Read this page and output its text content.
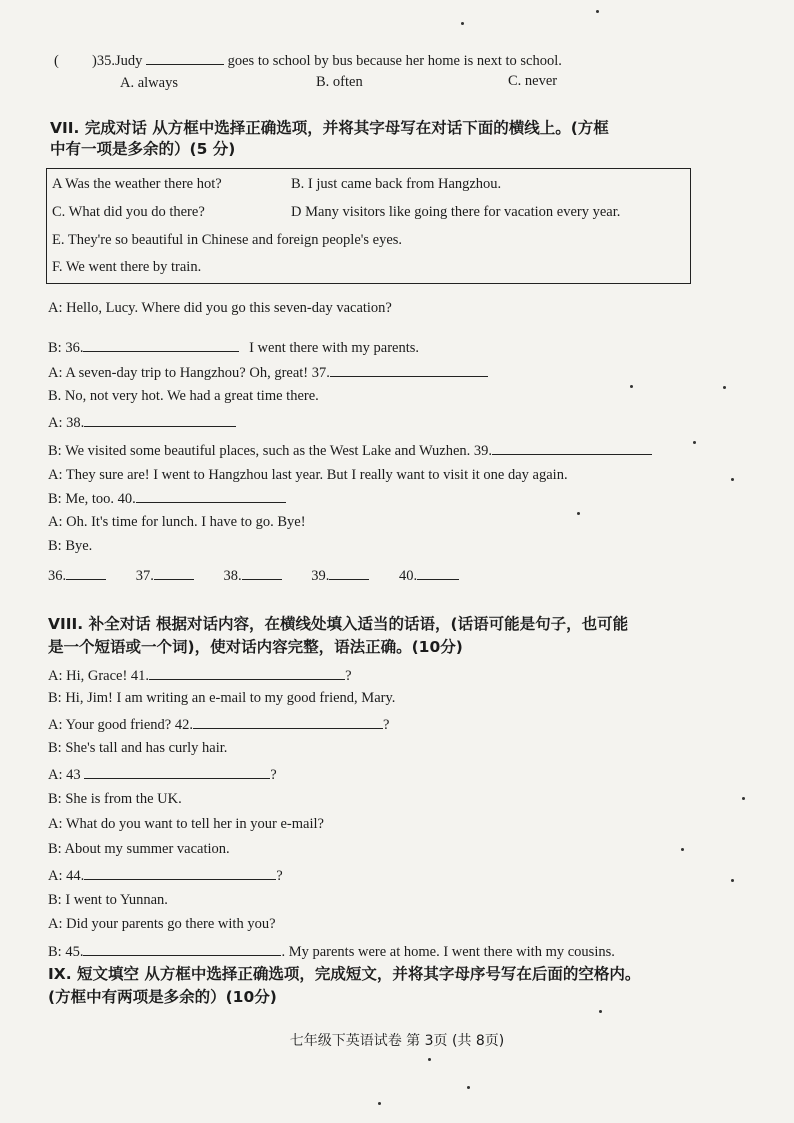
( )35.Judy	goes to school by bus because her home is next to school.
A. always	B. often	C. never
VII. 完成对话 从方框中选择正确选项，并将其字母写在对话下面的横线上。(方框
中有一项是多余的）(5 分)
A Was the weather there hot?	B. I just came back from Hangzhou.
C. What did you do there?	D Many visitors like going there for vacation every year.
E. They're so beautiful in Chinese and foreign people's eyes.
F. We went there by train.
A: Hello, Lucy. Where did you go this seven-day vacation?
B: 36.	I went there with my parents.
A: A seven-day trip to Hangzhou? Oh, great! 37.
B. No, not very hot. We had a great time there.
A: 38.
B: We visited some beautiful places, such as the West Lake and Wuzhen. 39.
A: They sure are! I went to Hangzhou last year. But I really want to visit it one day again.
B: Me, too. 40.
A: Oh. It's time for lunch. I have to go. Bye!
B: Bye.
36.	37.	38.	39.	40.
VIII. 补全对话 根据对话内容，在横线处填入适当的话语，(话语可能是句子，也可能
是一个短语或一个词)，使对话内容完整，语法正确。(10分)
A: Hi, Grace! 41.	?
B: Hi, Jim! I am writing an e-mail to my good friend, Mary.
A: Your good friend? 42.	?
B: She's tall and has curly hair.
A: 43	?
B: She is from the UK.
A: What do you want to tell her in your e-mail?
B: About my summer vacation.
A: 44.	?
B: I went to Yunnan.
A: Did your parents go there with you?
B: 45.	. My parents were at home. I went there with my cousins.
IX. 短文填空 从方框中选择正确选项，完成短文，并将其字母序号写在后面的空格内。
(方框中有两项是多余的）(10分)
七年级下英语试卷 第 3页 (共 8页)
